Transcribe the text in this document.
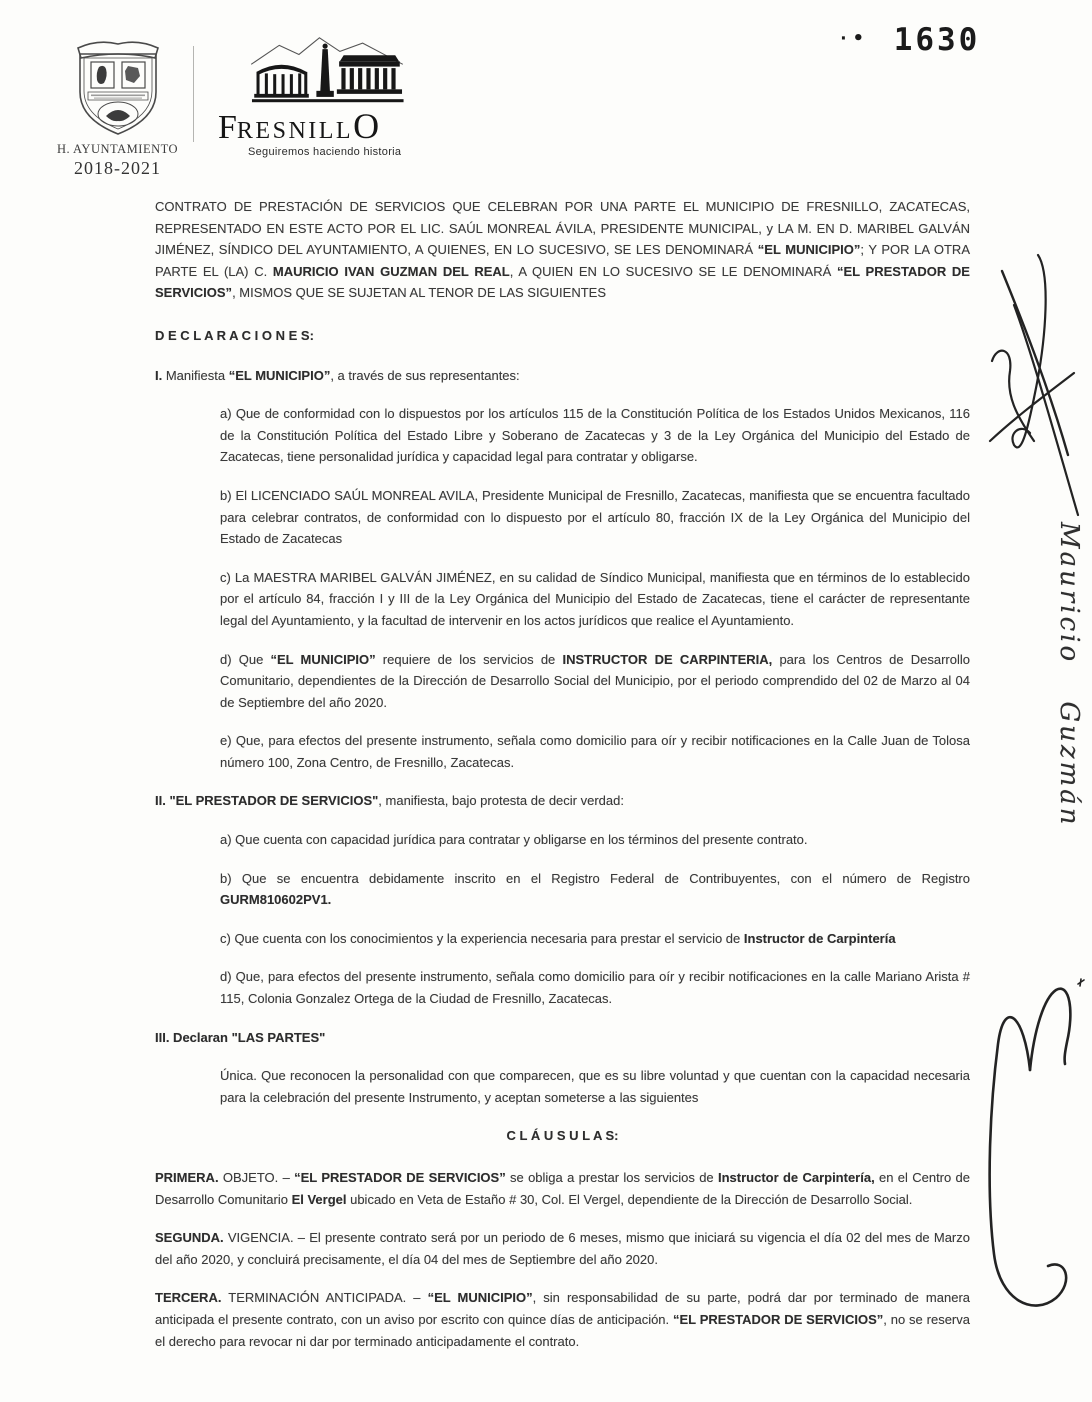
H. AYUNTAMIENTO
2018-2021
FRESNILLO
Seguiremos haciendo historia
·• 1630

CONTRATO DE PRESTACIÓN DE SERVICIOS QUE CELEBRAN POR UNA PARTE EL MUNICIPIO DE FRESNILLO, ZACATECAS, REPRESENTADO EN ESTE ACTO POR EL LIC. SAÚL MONREAL ÁVILA, PRESIDENTE MUNICIPAL, y LA M. EN D. MARIBEL GALVÁN JIMÉNEZ, SÍNDICO DEL AYUNTAMIENTO, A QUIENES, EN LO SUCESIVO, SE LES DENOMINARÁ “EL MUNICIPIO”; Y POR LA OTRA PARTE EL (LA) C. MAURICIO IVAN GUZMAN DEL REAL, A QUIEN EN LO SUCESIVO SE LE DENOMINARÁ “EL PRESTADOR DE SERVICIOS”, MISMOS QUE SE SUJETAN AL TENOR DE LAS SIGUIENTES

D E C L A R A C I O N E S:

I. Manifiesta “EL MUNICIPIO”, a través de sus representantes:

a) Que de conformidad con lo dispuestos por los artículos 115 de la Constitución Política de los Estados Unidos Mexicanos, 116 de la Constitución Política del Estado Libre y Soberano de Zacatecas y 3 de la Ley Orgánica del Municipio del Estado de Zacatecas, tiene personalidad jurídica y capacidad legal para contratar y obligarse.

b) El LICENCIADO SAÚL MONREAL AVILA, Presidente Municipal de Fresnillo, Zacatecas, manifiesta que se encuentra facultado para celebrar contratos, de conformidad con lo dispuesto por el artículo 80, fracción IX de la Ley Orgánica del Municipio del Estado de Zacatecas

c) La MAESTRA MARIBEL GALVÁN JIMÉNEZ, en su calidad de Síndico Municipal, manifiesta que en términos de lo establecido por el artículo 84, fracción I y III de la Ley Orgánica del Municipio del Estado de Zacatecas, tiene el carácter de representante legal del Ayuntamiento, y la facultad de intervenir en los actos jurídicos que realice el Ayuntamiento.

d) Que “EL MUNICIPIO” requiere de los servicios de INSTRUCTOR DE CARPINTERIA, para los Centros de Desarrollo Comunitario, dependientes de la Dirección de Desarrollo Social del Municipio, por el periodo comprendido del 02 de Marzo al 04 de Septiembre del año 2020.

e) Que, para efectos del presente instrumento, señala como domicilio para oír y recibir notificaciones en la Calle Juan de Tolosa número 100, Zona Centro, de Fresnillo, Zacatecas.

II. "EL PRESTADOR DE SERVICIOS", manifiesta, bajo protesta de decir verdad:

a) Que cuenta con capacidad jurídica para contratar y obligarse en los términos del presente contrato.

b) Que se encuentra debidamente inscrito en el Registro Federal de Contribuyentes, con el número de Registro GURM810602PV1.

c) Que cuenta con los conocimientos y la experiencia necesaria para prestar el servicio de Instructor de Carpintería

d) Que, para efectos del presente instrumento, señala como domicilio para oír y recibir notificaciones en la calle Mariano Arista # 115, Colonia Gonzalez Ortega de la Ciudad de Fresnillo, Zacatecas.

III. Declaran "LAS PARTES"

Única. Que reconocen la personalidad con que comparecen, que es su libre voluntad y que cuentan con la capacidad necesaria para la celebración del presente Instrumento, y aceptan someterse a las siguientes

C L Á U S U L A S:

PRIMERA. OBJETO. – “EL PRESTADOR DE SERVICIOS” se obliga a prestar los servicios de Instructor de Carpintería, en el Centro de Desarrollo Comunitario El Vergel ubicado en Veta de Estaño # 30, Col. El Vergel, dependiente de la Dirección de Desarrollo Social.

SEGUNDA. VIGENCIA. – El presente contrato será por un periodo de 6 meses, mismo que iniciará su vigencia el día 02 del mes de Marzo del año 2020, y concluirá precisamente, el día 04 del mes de Septiembre del año 2020.

TERCERA. TERMINACIÓN ANTICIPADA. – “EL MUNICIPIO”, sin responsabilidad de su parte, podrá dar por terminado de manera anticipada el presente contrato, con un aviso por escrito con quince días de anticipación. “EL PRESTADOR DE SERVICIOS”, no se reserva el derecho para revocar ni dar por terminado anticipadamente el contrato.

Mauricio Guzmán
